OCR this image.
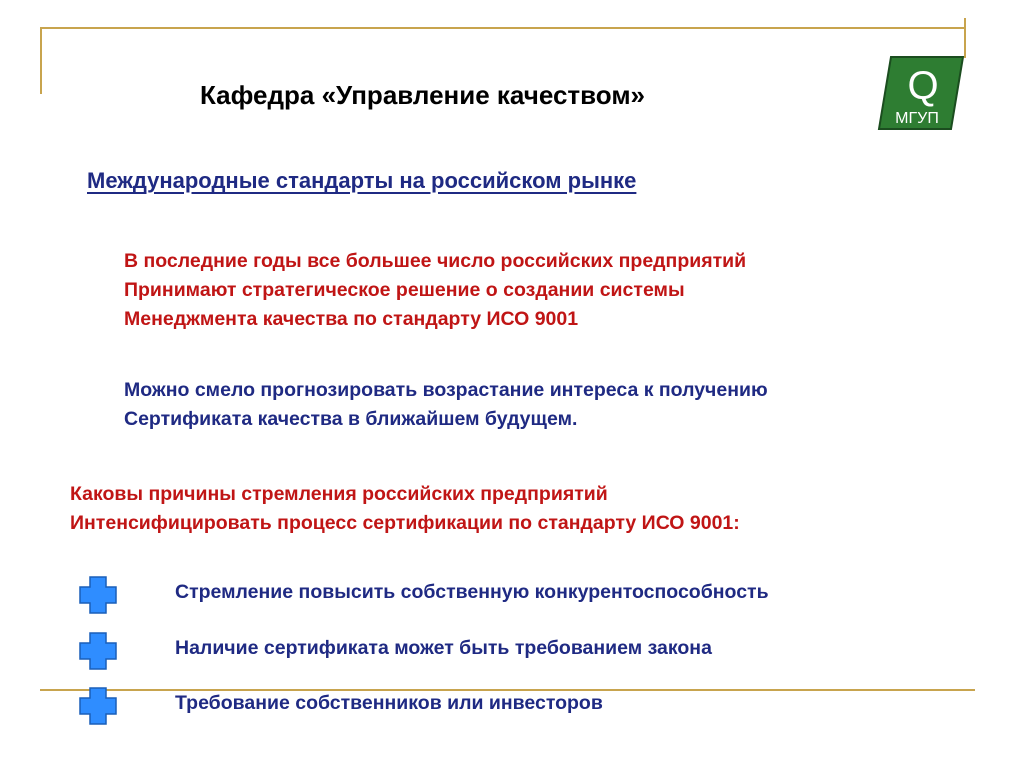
Кафедра «Управление качеством»	Q
МГУП
Международные стандарты на российском рынке
В последние годы все большее число российских предприятий
Принимают стратегическое решение о создании системы
Менеджмента качества по стандарту ИСО 9001
Можно смело прогнозировать возрастание интереса к получению
Сертификата качества в ближайшем будущем.
Каковы причины стремления российских предприятий
Интенсифицировать процесс сертификации по стандарту ИСО 9001:
Стремление повысить собственную конкурентоспособность
Наличие сертификата может быть требованием закона
Требование собственников или инвесторов
